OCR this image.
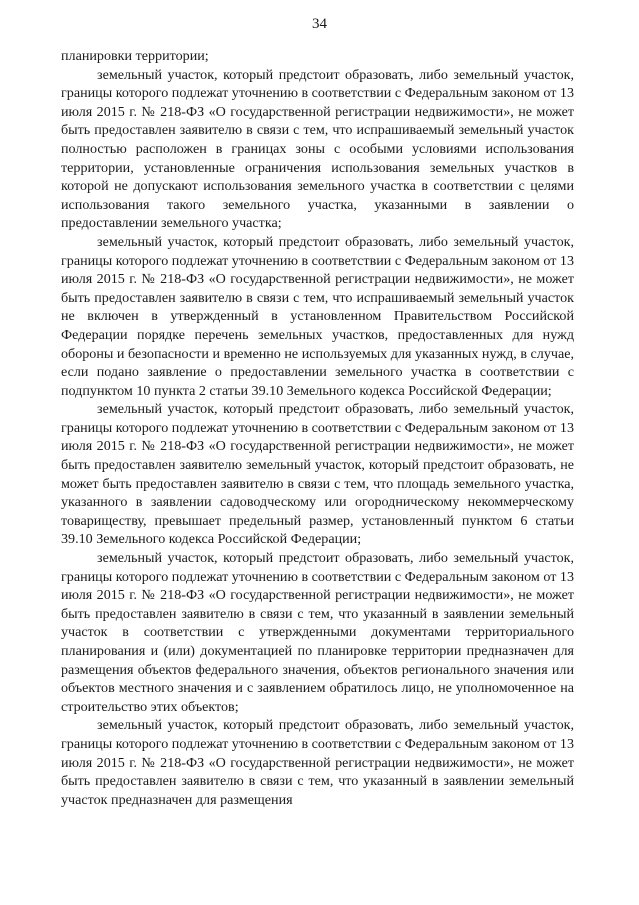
34

планировки территории;

земельный участок, который предстоит образовать, либо земельный участок, границы которого подлежат уточнению в соответствии с Федеральным законом от 13 июля 2015 г. № 218-ФЗ «О государственной регистрации недвижимости», не может быть предоставлен заявителю в связи с тем, что испрашиваемый земельный участок полностью расположен в границах зоны с особыми условиями использования территории, установленные ограничения использования земельных участков в которой не допускают использования земельного участка в соответствии с целями использования такого земельного участка, указанными в заявлении о предоставлении земельного участка;

земельный участок, который предстоит образовать, либо земельный участок, границы которого подлежат уточнению в соответствии с Федеральным законом от 13 июля 2015 г. № 218-ФЗ «О государственной регистрации недвижимости», не может быть предоставлен заявителю в связи с тем, что испрашиваемый земельный участок не включен в утвержденный в установленном Правительством Российской Федерации порядке перечень земельных участков, предоставленных для нужд обороны и безопасности и временно не используемых для указанных нужд, в случае, если подано заявление о предоставлении земельного участка в соответствии с подпунктом 10 пункта 2 статьи 39.10 Земельного кодекса Российской Федерации;

земельный участок, который предстоит образовать, либо земельный участок, границы которого подлежат уточнению в соответствии с Федеральным законом от 13 июля 2015 г. № 218-ФЗ «О государственной регистрации недвижимости», не может быть предоставлен заявителю земельный участок, который предстоит образовать, не может быть предоставлен заявителю в связи с тем, что площадь земельного участка, указанного в заявлении садоводческому или огородническому некоммерческому товариществу, превышает предельный размер, установленный пунктом 6 статьи 39.10 Земельного кодекса Российской Федерации;

земельный участок, который предстоит образовать, либо земельный участок, границы которого подлежат уточнению в соответствии с Федеральным законом от 13 июля 2015 г. № 218-ФЗ «О государственной регистрации недвижимости», не может быть предоставлен заявителю в связи с тем, что указанный в заявлении земельный участок в соответствии с утвержденными документами территориального планирования и (или) документацией по планировке территории предназначен для размещения объектов федерального значения, объектов регионального значения или объектов местного значения и с заявлением обратилось лицо, не уполномоченное на строительство этих объектов;

земельный участок, который предстоит образовать, либо земельный участок, границы которого подлежат уточнению в соответствии с Федеральным законом от 13 июля 2015 г. № 218-ФЗ «О государственной регистрации недвижимости», не может быть предоставлен заявителю в связи с тем, что указанный в заявлении земельный участок предназначен для размещения
